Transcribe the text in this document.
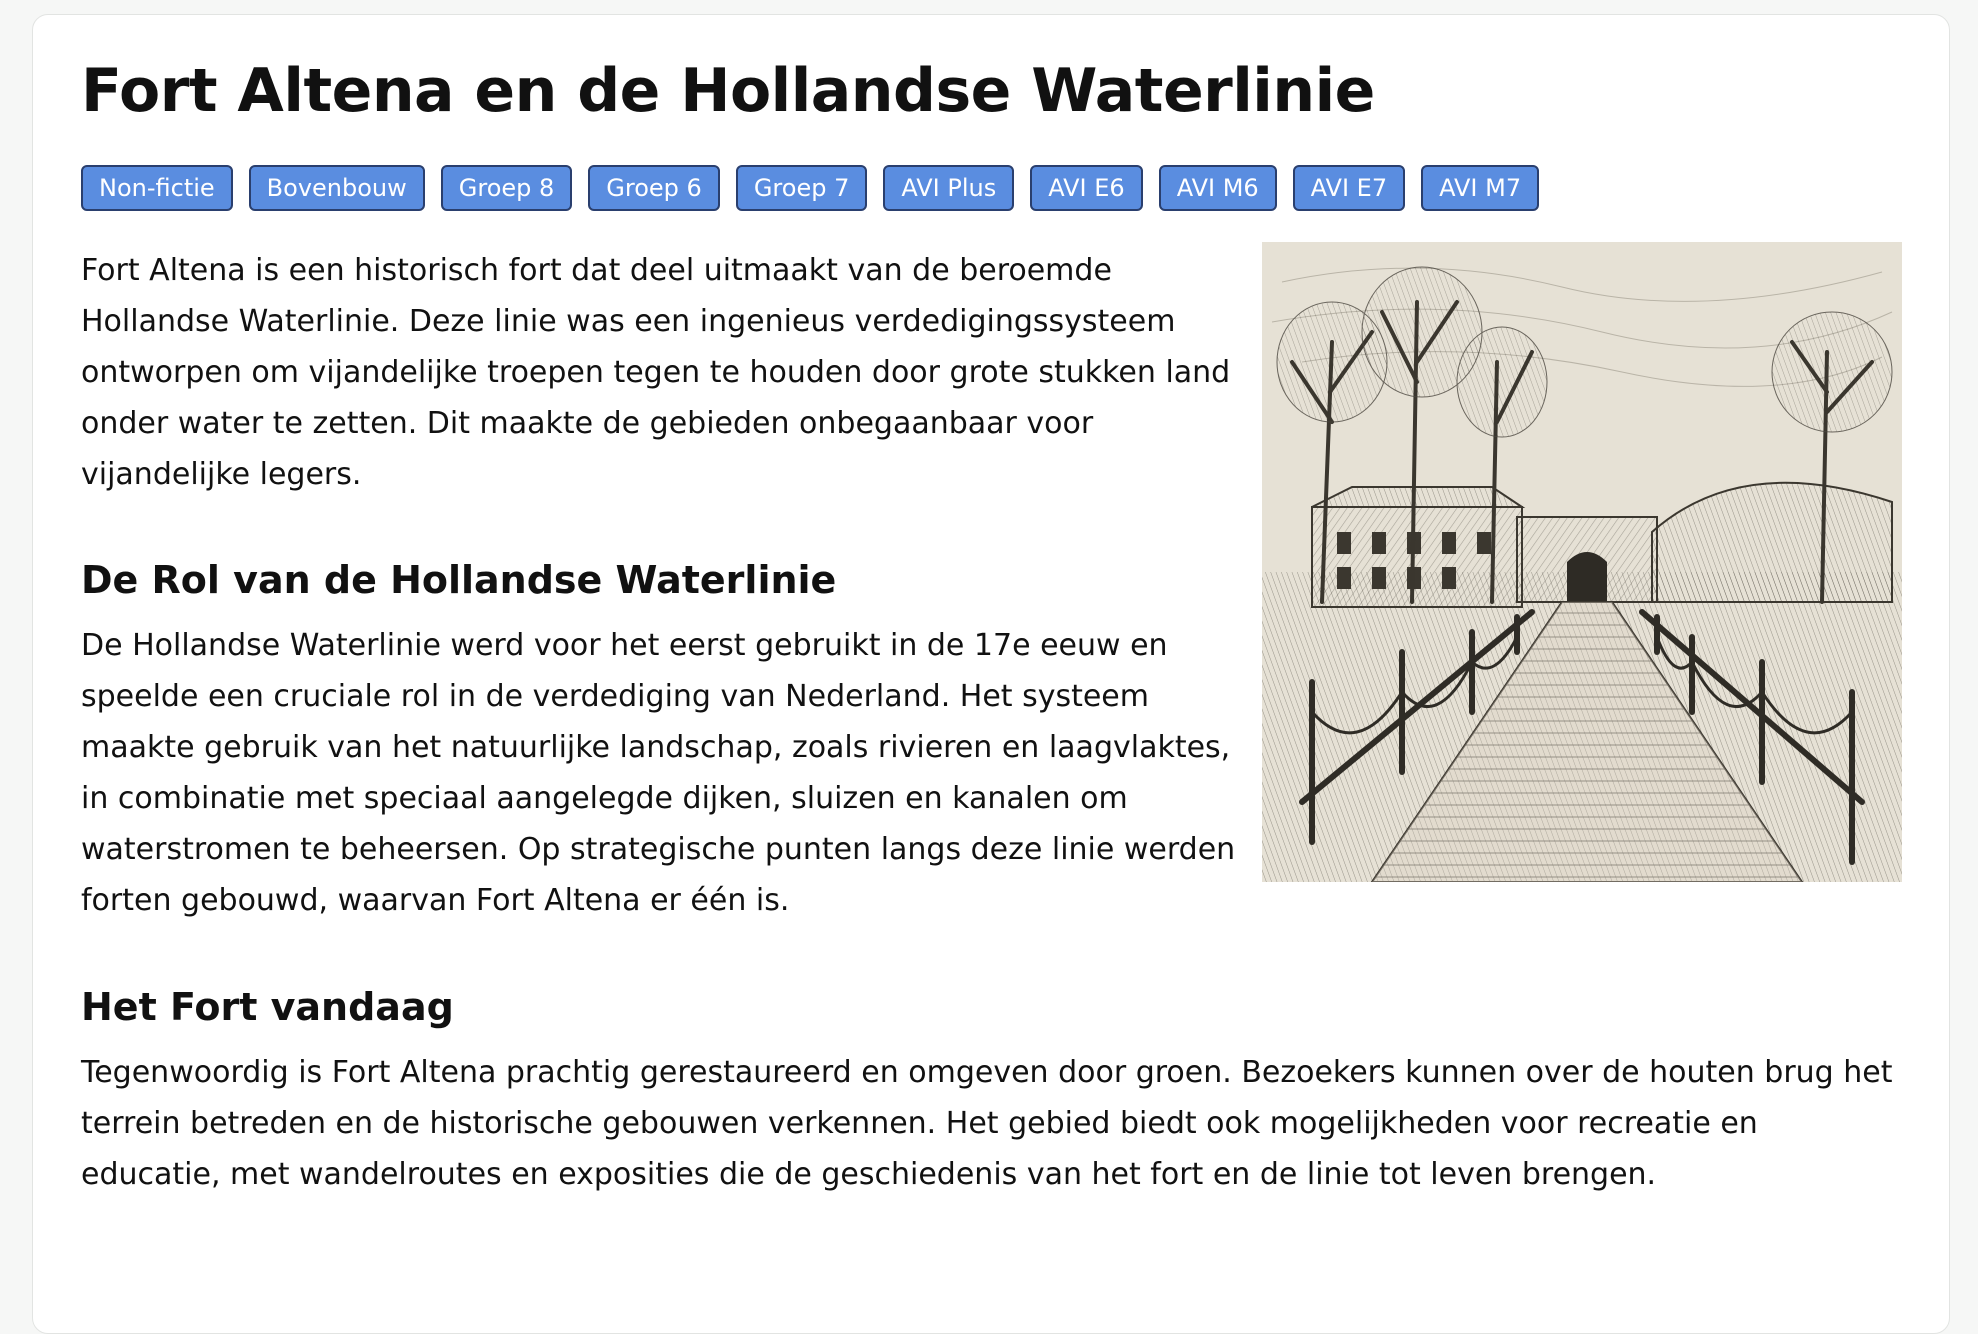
Fort Altena en de Hollandse Waterlinie
Non-fictie	Bovenbouw	Groep 8	Groep 6	Groep 7	AVI Plus	AVI E6	AVI M6	AVI E7	AVI M7

Fort Altena is een historisch fort dat deel uitmaakt van de beroemde Hollandse Waterlinie. Deze linie was een ingenieus verdedigingssysteem ontworpen om vijandelijke troepen tegen te houden door grote stukken land onder water te zetten. Dit maakte de gebieden onbegaanbaar voor vijandelijke legers.

De Rol van de Hollandse Waterlinie

De Hollandse Waterlinie werd voor het eerst gebruikt in de 17e eeuw en speelde een cruciale rol in de verdediging van Nederland. Het systeem maakte gebruik van het natuurlijke landschap, zoals rivieren en laagvlaktes, in combinatie met speciaal aangelegde dijken, sluizen en kanalen om waterstromen te beheersen. Op strategische punten langs deze linie werden forten gebouwd, waarvan Fort Altena er één is.

Het Fort vandaag

Tegenwoordig is Fort Altena prachtig gerestaureerd en omgeven door groen. Bezoekers kunnen over de houten brug het terrein betreden en de historische gebouwen verkennen. Het gebied biedt ook mogelijkheden voor recreatie en educatie, met wandelroutes en exposities die de geschiedenis van het fort en de linie tot leven brengen.
